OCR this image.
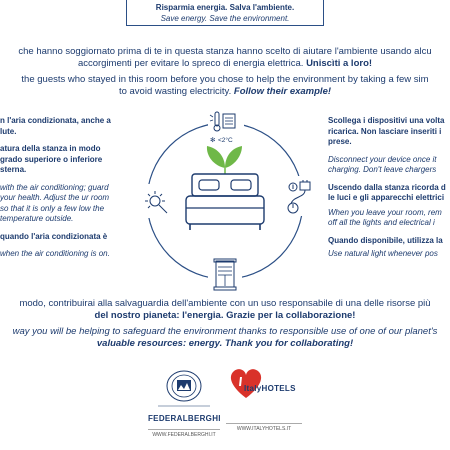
Risparmia energia. Salva l'ambiente.
Save energy. Save the environment.
che hanno soggiornato prima di te in questa stanza hanno scelto di aiutare l'ambiente usando alcu
accorgimenti per evitare lo spreco di energia elettrica. Uniscìti a loro!
the guests who stayed in this room before you chose to help the environment by taking a few sim
to avoid wasting electricity. Follow their example!

n l'aria condizionata, anche a lute.

atura della stanza in modo grado superiore o inferiore sterna.

with the air conditioning; guard your health. Adjust the ur room so that it is only a few low the temperature outside.

quando l'aria condizionata è

when the air conditioning is on.

Scollega i dispositivi una volta ricarica. Non lasciare inseriti i prese.

Disconnect your device once it charging. Don't leave chargers

Uscendo dalla stanza ricorda d le luci e gli apparecchi elettrici

When you leave your room, rem off all the lights and electrical i

Quando disponibile, utilizza la

Use natural light whenever pos

✻ <2°C
modo, contribuirai alla salvaguardia dell'ambiente con un uso responsabile di una delle risorse più
del nostro pianeta: l'energia. Grazie per la collaborazione!
way you will be helping to safeguard the environment thanks to responsible use of one of our planet's
valuable resources: energy. Thank you for collaborating!
FEDERALBERGHI
WWW.FEDERALBERGHI.IT
ItalyHOTELS
WWW.ITALYHOTELS.IT
